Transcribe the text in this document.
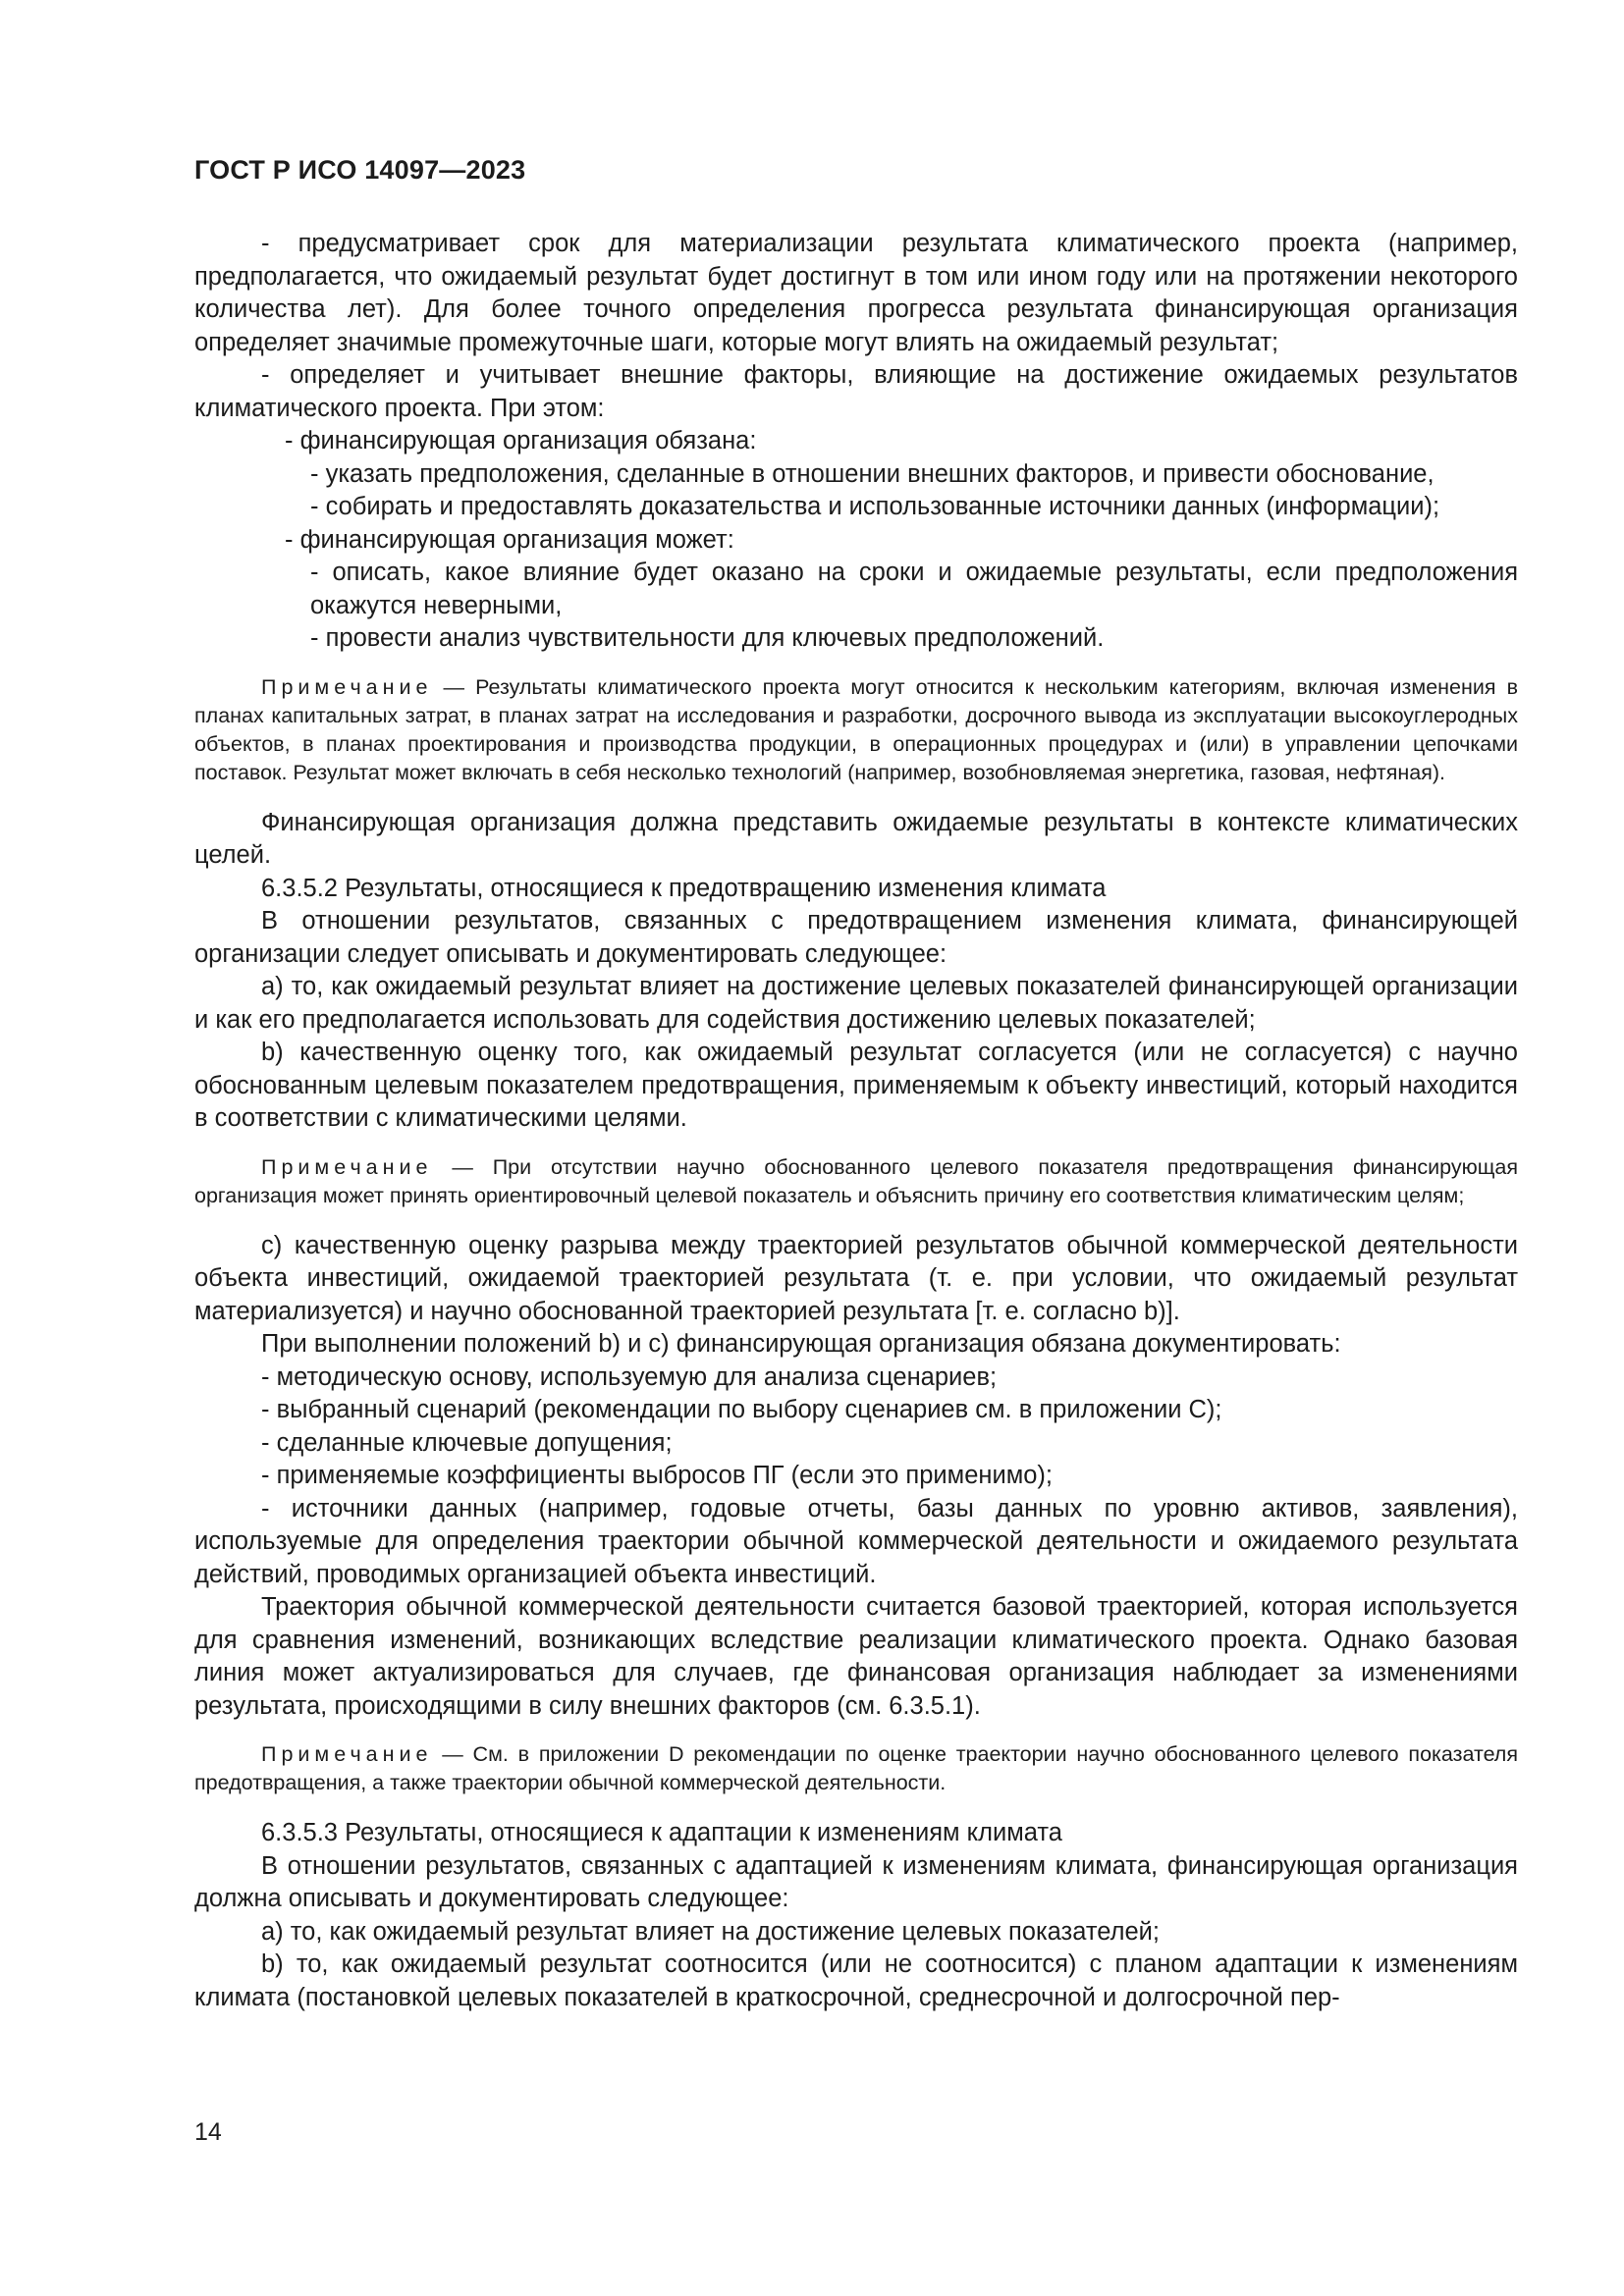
ГОСТ Р ИСО 14097—2023

- предусматривает срок для материализации результата климатического проекта (например, предполагается, что ожидаемый результат будет достигнут в том или ином году или на протяжении некоторого количества лет). Для более точного определения прогресса результата финансирующая организация определяет значимые промежуточные шаги, которые могут влиять на ожидаемый результат;

- определяет и учитывает внешние факторы, влияющие на достижение ожидаемых результатов климатического проекта. При этом:

- финансирующая организация обязана:

- указать предположения, сделанные в отношении внешних факторов, и привести обоснование,

- собирать и предоставлять доказательства и использованные источники данных (информации);

- финансирующая организация может:

- описать, какое влияние будет оказано на сроки и ожидаемые результаты, если предположения окажутся неверными,

- провести анализ чувствительности для ключевых предположений.

Примечание — Результаты климатического проекта могут относится к нескольким категориям, включая изменения в планах капитальных затрат, в планах затрат на исследования и разработки, досрочного вывода из эксплуатации высокоуглеродных объектов, в планах проектирования и производства продукции, в операционных процедурах и (или) в управлении цепочками поставок. Результат может включать в себя несколько технологий (например, возобновляемая энергетика, газовая, нефтяная).

Финансирующая организация должна представить ожидаемые результаты в контексте климатических целей.

6.3.5.2 Результаты, относящиеся к предотвращению изменения климата

В отношении результатов, связанных с предотвращением изменения климата, финансирующей организации следует описывать и документировать следующее:

a) то, как ожидаемый результат влияет на достижение целевых показателей финансирующей организации и как его предполагается использовать для содействия достижению целевых показателей;

b) качественную оценку того, как ожидаемый результат согласуется (или не согласуется) с научно обоснованным целевым показателем предотвращения, применяемым к объекту инвестиций, который находится в соответствии с климатическими целями.

Примечание — При отсутствии научно обоснованного целевого показателя предотвращения финансирующая организация может принять ориентировочный целевой показатель и объяснить причину его соответствия климатическим целям;

c) качественную оценку разрыва между траекторией результатов обычной коммерческой деятельности объекта инвестиций, ожидаемой траекторией результата (т. е. при условии, что ожидаемый результат материализуется) и научно обоснованной траекторией результата [т. е. согласно b)].

При выполнении положений b) и c) финансирующая организация обязана документировать:

- методическую основу, используемую для анализа сценариев;

- выбранный сценарий (рекомендации по выбору сценариев см. в приложении C);

- сделанные ключевые допущения;

- применяемые коэффициенты выбросов ПГ (если это применимо);

- источники данных (например, годовые отчеты, базы данных по уровню активов, заявления), используемые для определения траектории обычной коммерческой деятельности и ожидаемого результата действий, проводимых организацией объекта инвестиций.

Траектория обычной коммерческой деятельности считается базовой траекторией, которая используется для сравнения изменений, возникающих вследствие реализации климатического проекта. Однако базовая линия может актуализироваться для случаев, где финансовая организация наблюдает за изменениями результата, происходящими в силу внешних факторов (см. 6.3.5.1).

Примечание — См. в приложении D рекомендации по оценке траектории научно обоснованного целевого показателя предотвращения, а также траектории обычной коммерческой деятельности.

6.3.5.3 Результаты, относящиеся к адаптации к изменениям климата

В отношении результатов, связанных с адаптацией к изменениям климата, финансирующая организация должна описывать и документировать следующее:

a) то, как ожидаемый результат влияет на достижение целевых показателей;

b) то, как ожидаемый результат соотносится (или не соотносится) с планом адаптации к изменениям климата (постановкой целевых показателей в краткосрочной, среднесрочной и долгосрочной пер-

14
